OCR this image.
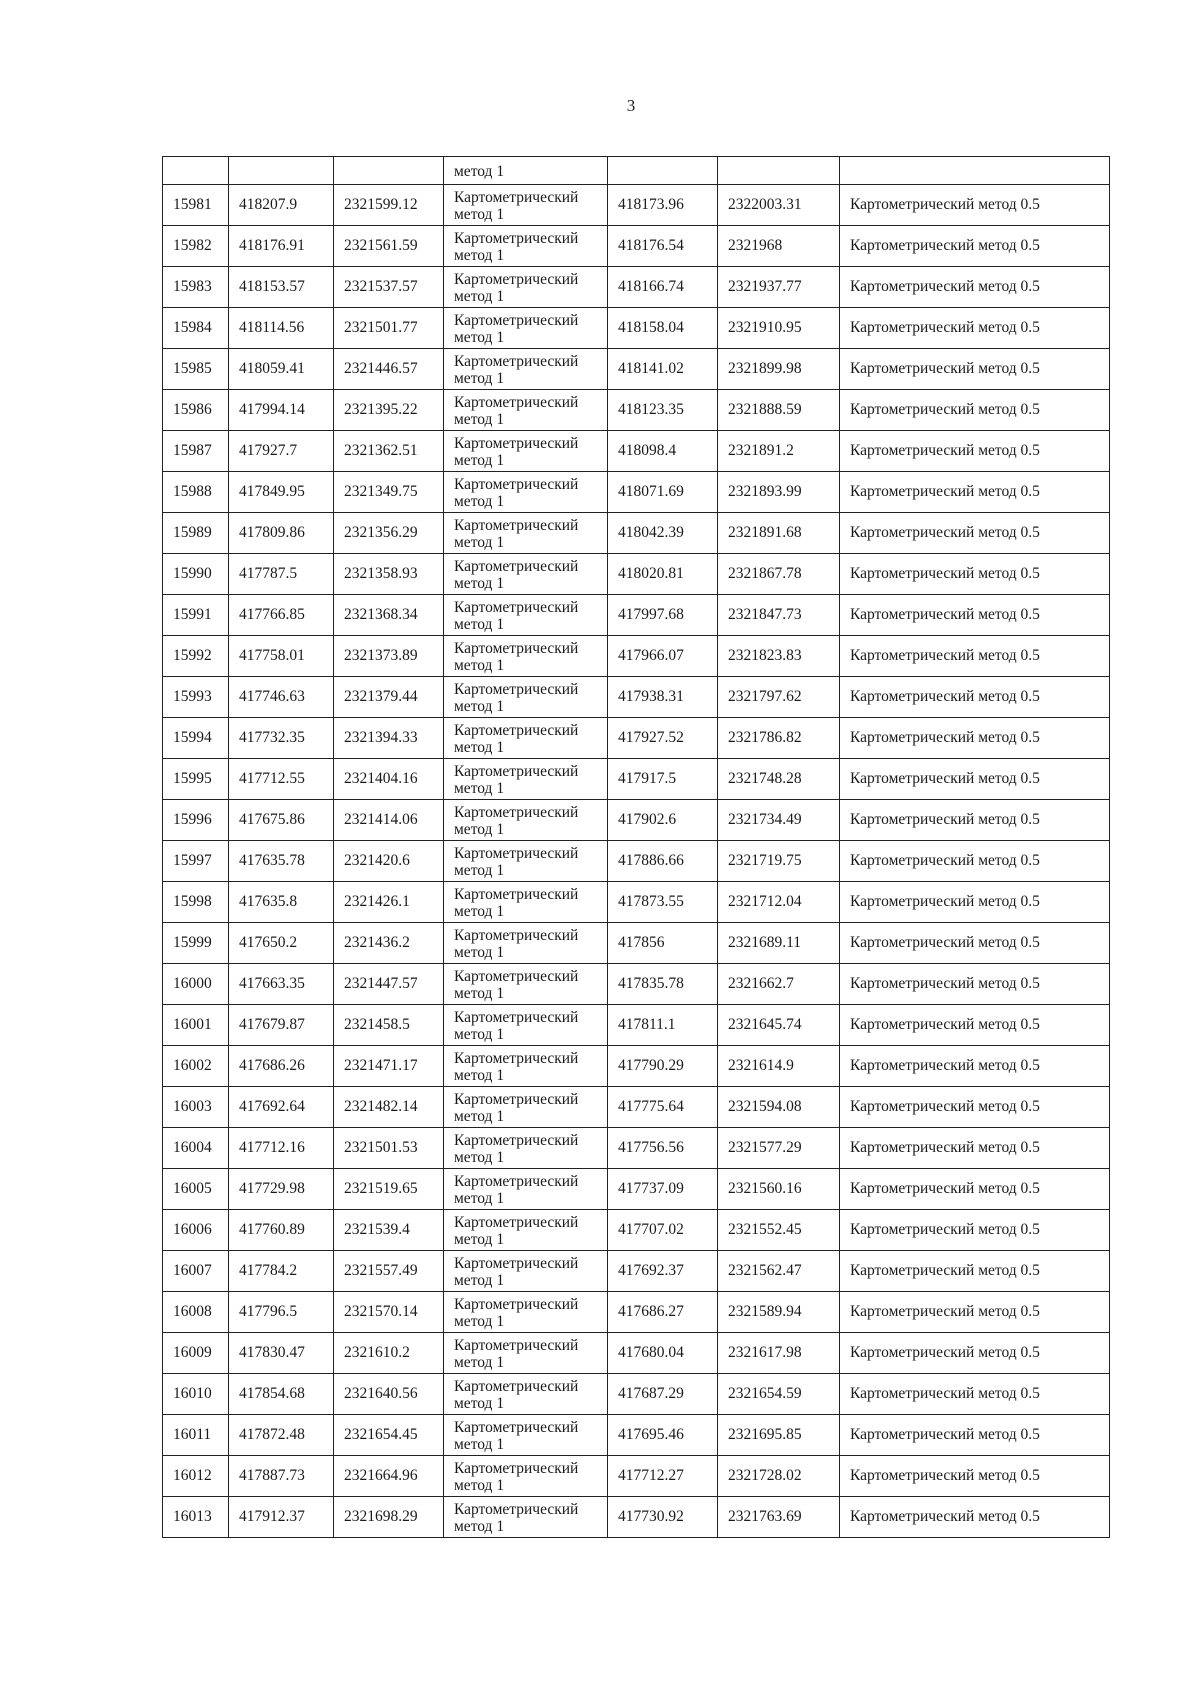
3
			метод 1			
15981	418207.9	2321599.12	Картометрический метод 1	418173.96	2322003.31	Картометрический метод 0.5
15982	418176.91	2321561.59	Картометрический метод 1	418176.54	2321968	Картометрический метод 0.5
15983	418153.57	2321537.57	Картометрический метод 1	418166.74	2321937.77	Картометрический метод 0.5
15984	418114.56	2321501.77	Картометрический метод 1	418158.04	2321910.95	Картометрический метод 0.5
15985	418059.41	2321446.57	Картометрический метод 1	418141.02	2321899.98	Картометрический метод 0.5
15986	417994.14	2321395.22	Картометрический метод 1	418123.35	2321888.59	Картометрический метод 0.5
15987	417927.7	2321362.51	Картометрический метод 1	418098.4	2321891.2	Картометрический метод 0.5
15988	417849.95	2321349.75	Картометрический метод 1	418071.69	2321893.99	Картометрический метод 0.5
15989	417809.86	2321356.29	Картометрический метод 1	418042.39	2321891.68	Картометрический метод 0.5
15990	417787.5	2321358.93	Картометрический метод 1	418020.81	2321867.78	Картометрический метод 0.5
15991	417766.85	2321368.34	Картометрический метод 1	417997.68	2321847.73	Картометрический метод 0.5
15992	417758.01	2321373.89	Картометрический метод 1	417966.07	2321823.83	Картометрический метод 0.5
15993	417746.63	2321379.44	Картометрический метод 1	417938.31	2321797.62	Картометрический метод 0.5
15994	417732.35	2321394.33	Картометрический метод 1	417927.52	2321786.82	Картометрический метод 0.5
15995	417712.55	2321404.16	Картометрический метод 1	417917.5	2321748.28	Картометрический метод 0.5
15996	417675.86	2321414.06	Картометрический метод 1	417902.6	2321734.49	Картометрический метод 0.5
15997	417635.78	2321420.6	Картометрический метод 1	417886.66	2321719.75	Картометрический метод 0.5
15998	417635.8	2321426.1	Картометрический метод 1	417873.55	2321712.04	Картометрический метод 0.5
15999	417650.2	2321436.2	Картометрический метод 1	417856	2321689.11	Картометрический метод 0.5
16000	417663.35	2321447.57	Картометрический метод 1	417835.78	2321662.7	Картометрический метод 0.5
16001	417679.87	2321458.5	Картометрический метод 1	417811.1	2321645.74	Картометрический метод 0.5
16002	417686.26	2321471.17	Картометрический метод 1	417790.29	2321614.9	Картометрический метод 0.5
16003	417692.64	2321482.14	Картометрический метод 1	417775.64	2321594.08	Картометрический метод 0.5
16004	417712.16	2321501.53	Картометрический метод 1	417756.56	2321577.29	Картометрический метод 0.5
16005	417729.98	2321519.65	Картометрический метод 1	417737.09	2321560.16	Картометрический метод 0.5
16006	417760.89	2321539.4	Картометрический метод 1	417707.02	2321552.45	Картометрический метод 0.5
16007	417784.2	2321557.49	Картометрический метод 1	417692.37	2321562.47	Картометрический метод 0.5
16008	417796.5	2321570.14	Картометрический метод 1	417686.27	2321589.94	Картометрический метод 0.5
16009	417830.47	2321610.2	Картометрический метод 1	417680.04	2321617.98	Картометрический метод 0.5
16010	417854.68	2321640.56	Картометрический метод 1	417687.29	2321654.59	Картометрический метод 0.5
16011	417872.48	2321654.45	Картометрический метод 1	417695.46	2321695.85	Картометрический метод 0.5
16012	417887.73	2321664.96	Картометрический метод 1	417712.27	2321728.02	Картометрический метод 0.5
16013	417912.37	2321698.29	Картометрический метод 1	417730.92	2321763.69	Картометрический метод 0.5
